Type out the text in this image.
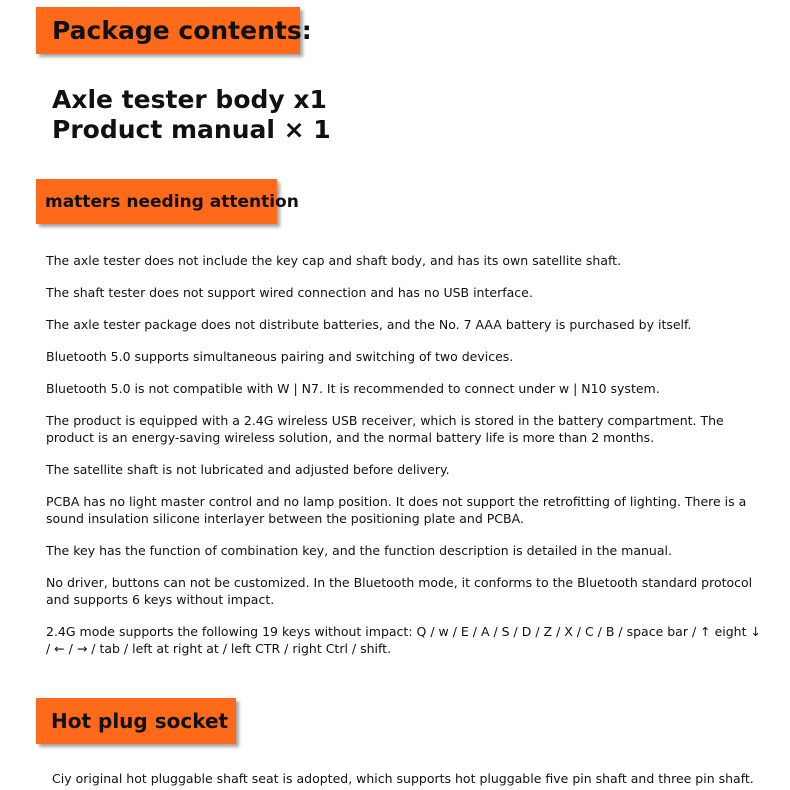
Package contents:
Axle tester body x1
Product manual × 1
matters needing attention

The axle tester does not include the key cap and shaft body, and has its own satellite shaft.

The shaft tester does not support wired connection and has no USB interface.

The axle tester package does not distribute batteries, and the No. 7 AAA battery is purchased by itself.

Bluetooth 5.0 supports simultaneous pairing and switching of two devices.

Bluetooth 5.0 is not compatible with W | N7. It is recommended to connect under w | N10 system.

The product is equipped with a 2.4G wireless USB receiver, which is stored in the battery compartment. The product is an energy-saving wireless solution, and the normal battery life is more than 2 months.

The satellite shaft is not lubricated and adjusted before delivery.

PCBA has no light master control and no lamp position. It does not support the retrofitting of lighting. There is a sound insulation silicone interlayer between the positioning plate and PCBA.

The key has the function of combination key, and the function description is detailed in the manual.

No driver, buttons can not be customized. In the Bluetooth mode, it conforms to the Bluetooth standard protocol and supports 6 keys without impact.

2.4G mode supports the following 19 keys without impact: Q / w / E / A / S / D / Z / X / C / B / space bar / ↑ eight ↓ / ← / → / tab / left at right at / left CTR / right Ctrl / shift.

Hot plug socket
Ciy original hot pluggable shaft seat is adopted, which supports hot pluggable five pin shaft and three pin shaft.
